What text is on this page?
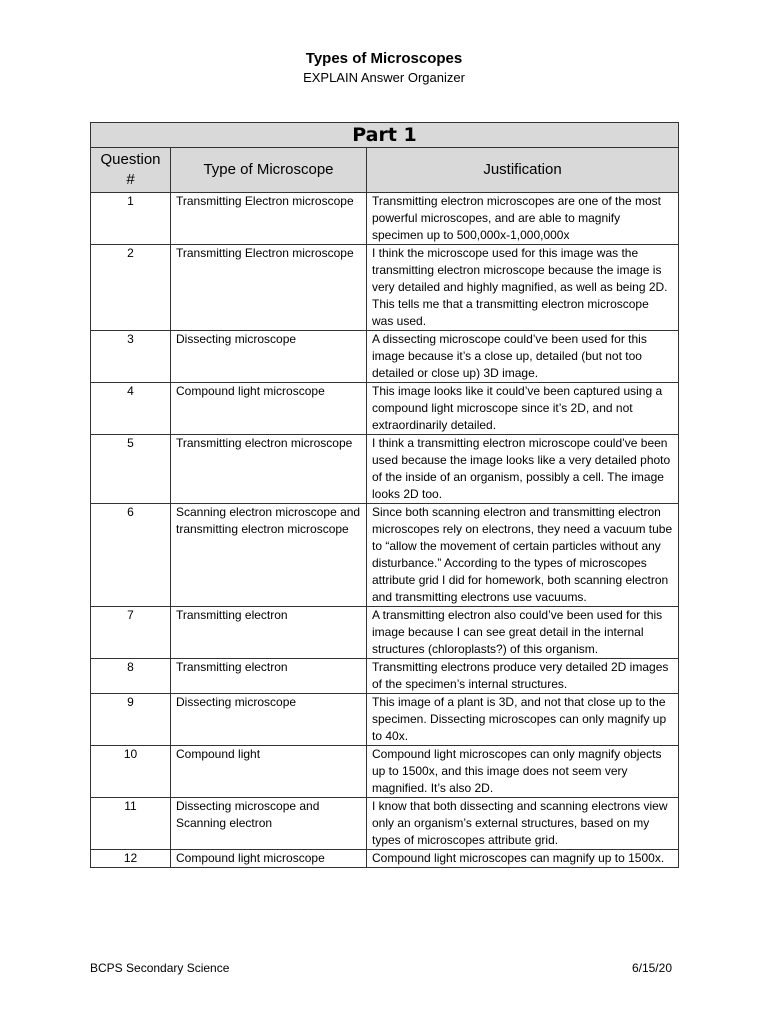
Types of Microscopes
EXPLAIN Answer Organizer
Part 1		
Question #	Type of Microscope	Justification
1	Transmitting Electron microscope	Transmitting electron microscopes are one of the most powerful microscopes, and are able to magnify specimen up to 500,000x-1,000,000x
2	Transmitting Electron microscope	I think the microscope used for this image was the transmitting electron microscope because the image is very detailed and highly magnified, as well as being 2D. This tells me that a transmitting electron microscope was used.
3	Dissecting microscope	A dissecting microscope could’ve been used for this image because it’s a close up, detailed (but not too detailed or close up) 3D image.
4	Compound light microscope	This image looks like it could’ve been captured using a compound light microscope since it’s 2D, and not extraordinarily detailed.
5	Transmitting electron microscope	I think a transmitting electron microscope could’ve been used because the image looks like a very detailed photo of the inside of an organism, possibly a cell. The image looks 2D too.
6	Scanning electron microscope and transmitting electron microscope	Since both scanning electron and transmitting electron microscopes rely on electrons, they need a vacuum tube to “allow the movement of certain particles without any disturbance.” According to the types of microscopes attribute grid I did for homework, both scanning electron and transmitting electrons use vacuums.
7	Transmitting electron	A transmitting electron also could’ve been used for this image because I can see great detail in the internal structures (chloroplasts?) of this organism.
8	Transmitting electron	Transmitting electrons produce very detailed 2D images of the specimen’s internal structures.
9	Dissecting microscope	This image of a plant is 3D, and not that close up to the specimen. Dissecting microscopes can only magnify up to 40x.
10	Compound light	Compound light microscopes can only magnify objects up to 1500x, and this image does not seem very magnified. It’s also 2D.
11	Dissecting microscope and Scanning electron	I know that both dissecting and scanning electrons view only an organism’s external structures, based on my types of microscopes attribute grid.
12	Compound light microscope	Compound light microscopes can magnify up to 1500x.
BCPS Secondary Science	6/15/20
